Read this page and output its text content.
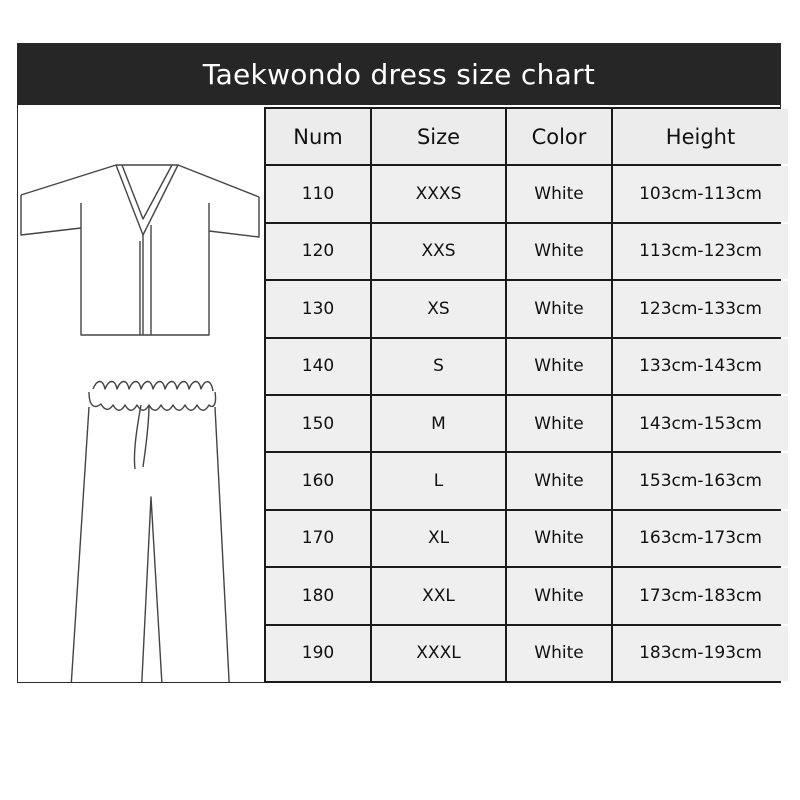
Taekwondo dress size chart
Num	Size	Color	Height
110	XXXS	White	103cm-113cm
120	XXS	White	113cm-123cm
130	XS	White	123cm-133cm
140	S	White	133cm-143cm
150	M	White	143cm-153cm
160	L	White	153cm-163cm
170	XL	White	163cm-173cm
180	XXL	White	173cm-183cm
190	XXXL	White	183cm-193cm
